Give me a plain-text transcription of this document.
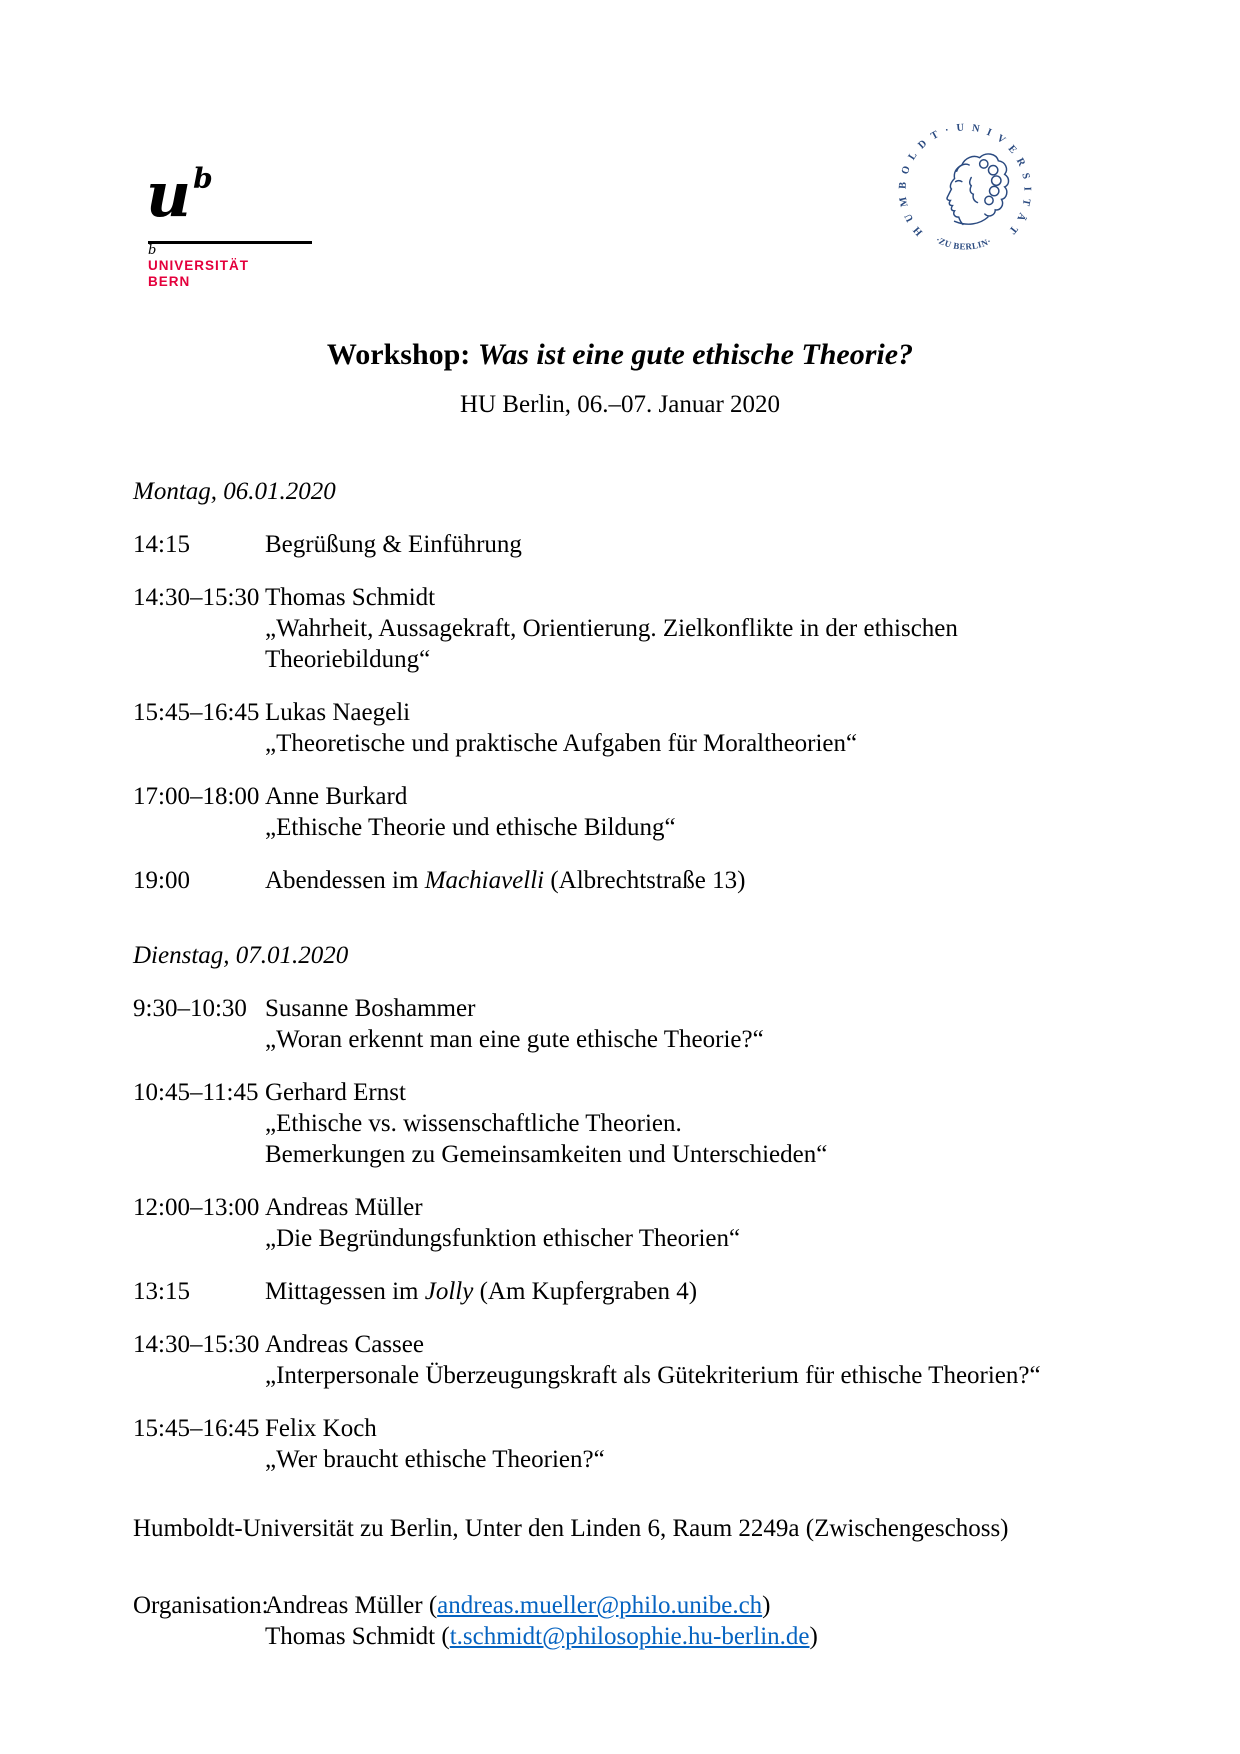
u $^b$
b
UNIVERSITÄT
BERN
HUMBOLDT·UNIVERSITÄT
·ZU BERLIN·
Workshop: Was ist eine gute ethische Theorie?
HU Berlin, 06.–07. Januar 2020
Montag, 06.01.2020
14:15	Begrüßung & Einführung
14:30–15:30 Thomas Schmidt
„Wahrheit, Aussagekraft, Orientierung. Zielkonflikte in der ethischen Theoriebildung“
15:45–16:45 Lukas Naegeli
„Theoretische und praktische Aufgaben für Moraltheorien“
17:00–18:00 Anne Burkard
„Ethische Theorie und ethische Bildung“
19:00	Abendessen im Machiavelli (Albrechtstraße 13)
Dienstag, 07.01.2020
9:30–10:30 Susanne Boshammer
„Woran erkennt man eine gute ethische Theorie?“
10:45–11:45 Gerhard Ernst
„Ethische vs. wissenschaftliche Theorien.
Bemerkungen zu Gemeinsamkeiten und Unterschieden“
12:00–13:00 Andreas Müller
„Die Begründungsfunktion ethischer Theorien“
13:15	Mittagessen im Jolly (Am Kupfergraben 4)
14:30–15:30 Andreas Cassee
„Interpersonale Überzeugungskraft als Gütekriterium für ethische Theorien?“
15:45–16:45 Felix Koch
„Wer braucht ethische Theorien?“
Humboldt-Universität zu Berlin, Unter den Linden 6, Raum 2249a (Zwischengeschoss)
Organisation:
Andreas Müller (andreas.mueller@philo.unibe.ch)
Thomas Schmidt (t.schmidt@philosophie.hu-berlin.de)
